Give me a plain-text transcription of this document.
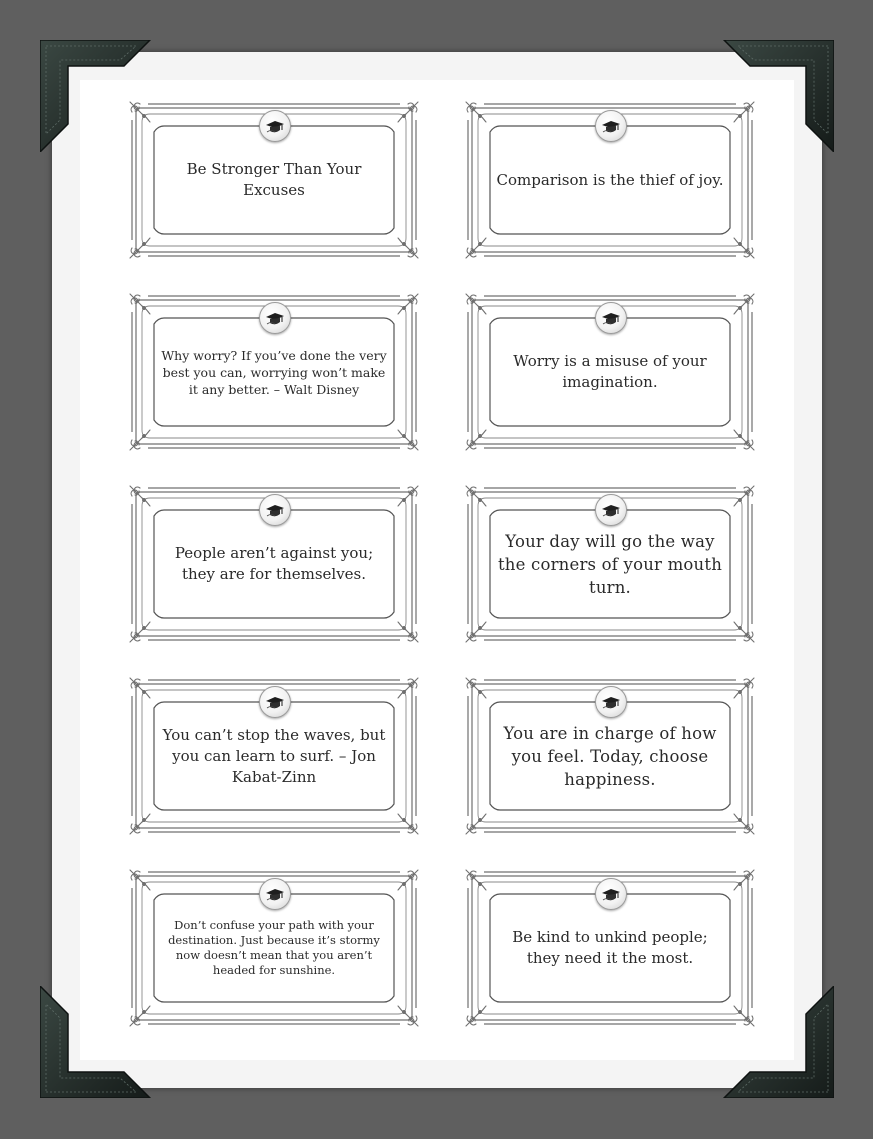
Be Stronger Than Your Excuses
Comparison is the thief of joy.
Why worry? If you’ve done the very best you can, worrying won’t make it any better. – Walt Disney
Worry is a misuse of your imagination.
People aren’t against you; they are for themselves.
Your day will go the way the corners of your mouth turn.
You can’t stop the waves, but you can learn to surf. – Jon Kabat-Zinn
You are in charge of how you feel. Today, choose happiness.
Don’t confuse your path with your destination. Just because it’s stormy now doesn’t mean that you aren’t headed for sunshine.
Be kind to unkind people; they need it the most.
